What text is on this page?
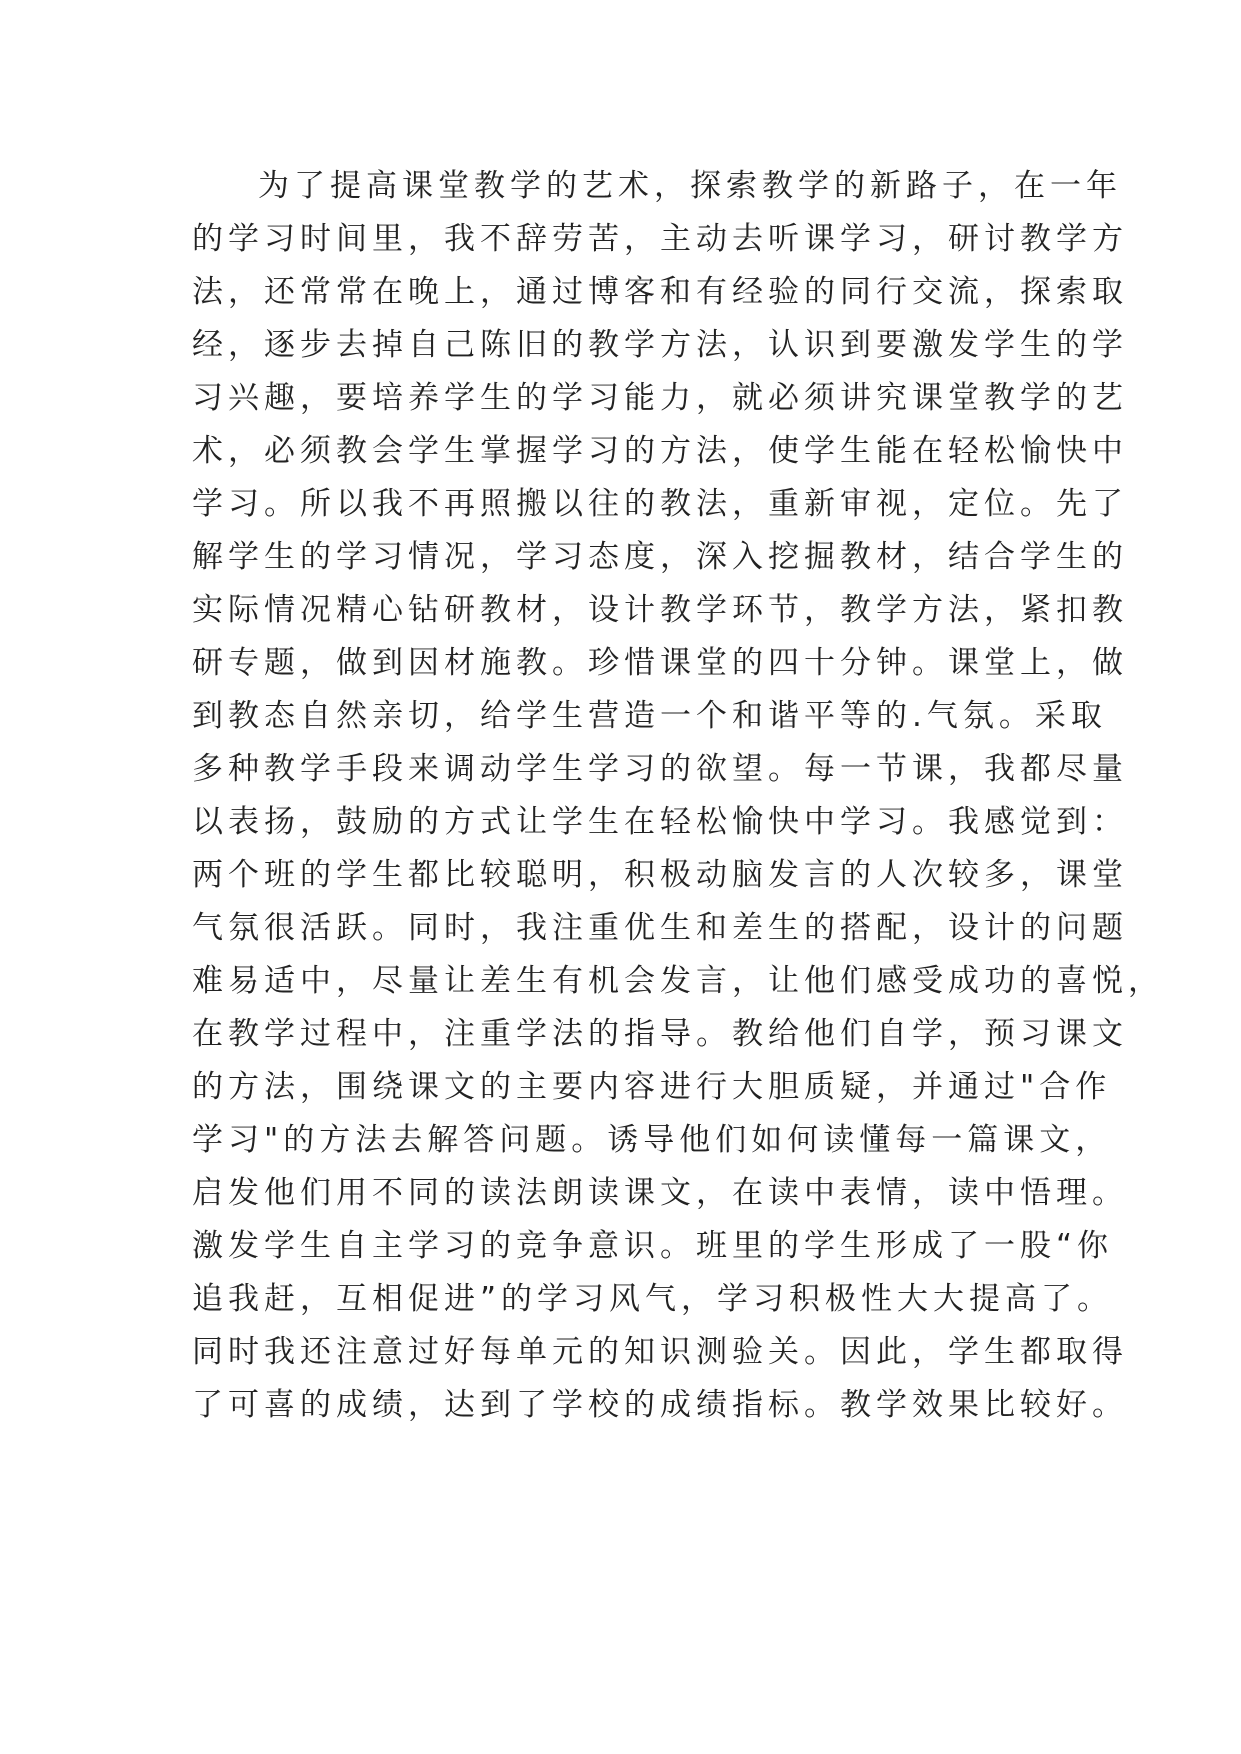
为了提高课堂教学的艺术，探索教学的新路子，在一年
的学习时间里，我不辞劳苦，主动去听课学习，研讨教学方
法，还常常在晚上，通过博客和有经验的同行交流，探索取
经，逐步去掉自己陈旧的教学方法，认识到要激发学生的学
习兴趣，要培养学生的学习能力，就必须讲究课堂教学的艺
术，必须教会学生掌握学习的方法，使学生能在轻松愉快中
学习。所以我不再照搬以往的教法，重新审视，定位。先了
解学生的学习情况，学习态度，深入挖掘教材，结合学生的
实际情况精心钻研教材，设计教学环节，教学方法，紧扣教
研专题，做到因材施教。珍惜课堂的四十分钟。课堂上，做
到教态自然亲切，给学生营造一个和谐平等的.气氛。采取
多种教学手段来调动学生学习的欲望。每一节课，我都尽量
以表扬，鼓励的方式让学生在轻松愉快中学习。我感觉到：
两个班的学生都比较聪明，积极动脑发言的人次较多，课堂
气氛很活跃。同时，我注重优生和差生的搭配，设计的问题
难易适中，尽量让差生有机会发言，让他们感受成功的喜悦，
在教学过程中，注重学法的指导。教给他们自学，预习课文
的方法，围绕课文的主要内容进行大胆质疑，并通过"合作
学习"的方法去解答问题。诱导他们如何读懂每一篇课文，
启发他们用不同的读法朗读课文，在读中表情，读中悟理。
激发学生自主学习的竞争意识。班里的学生形成了一股“你
追我赶，互相促进”的学习风气，学习积极性大大提高了。
同时我还注意过好每单元的知识测验关。因此，学生都取得
了可喜的成绩，达到了学校的成绩指标。教学效果比较好。
